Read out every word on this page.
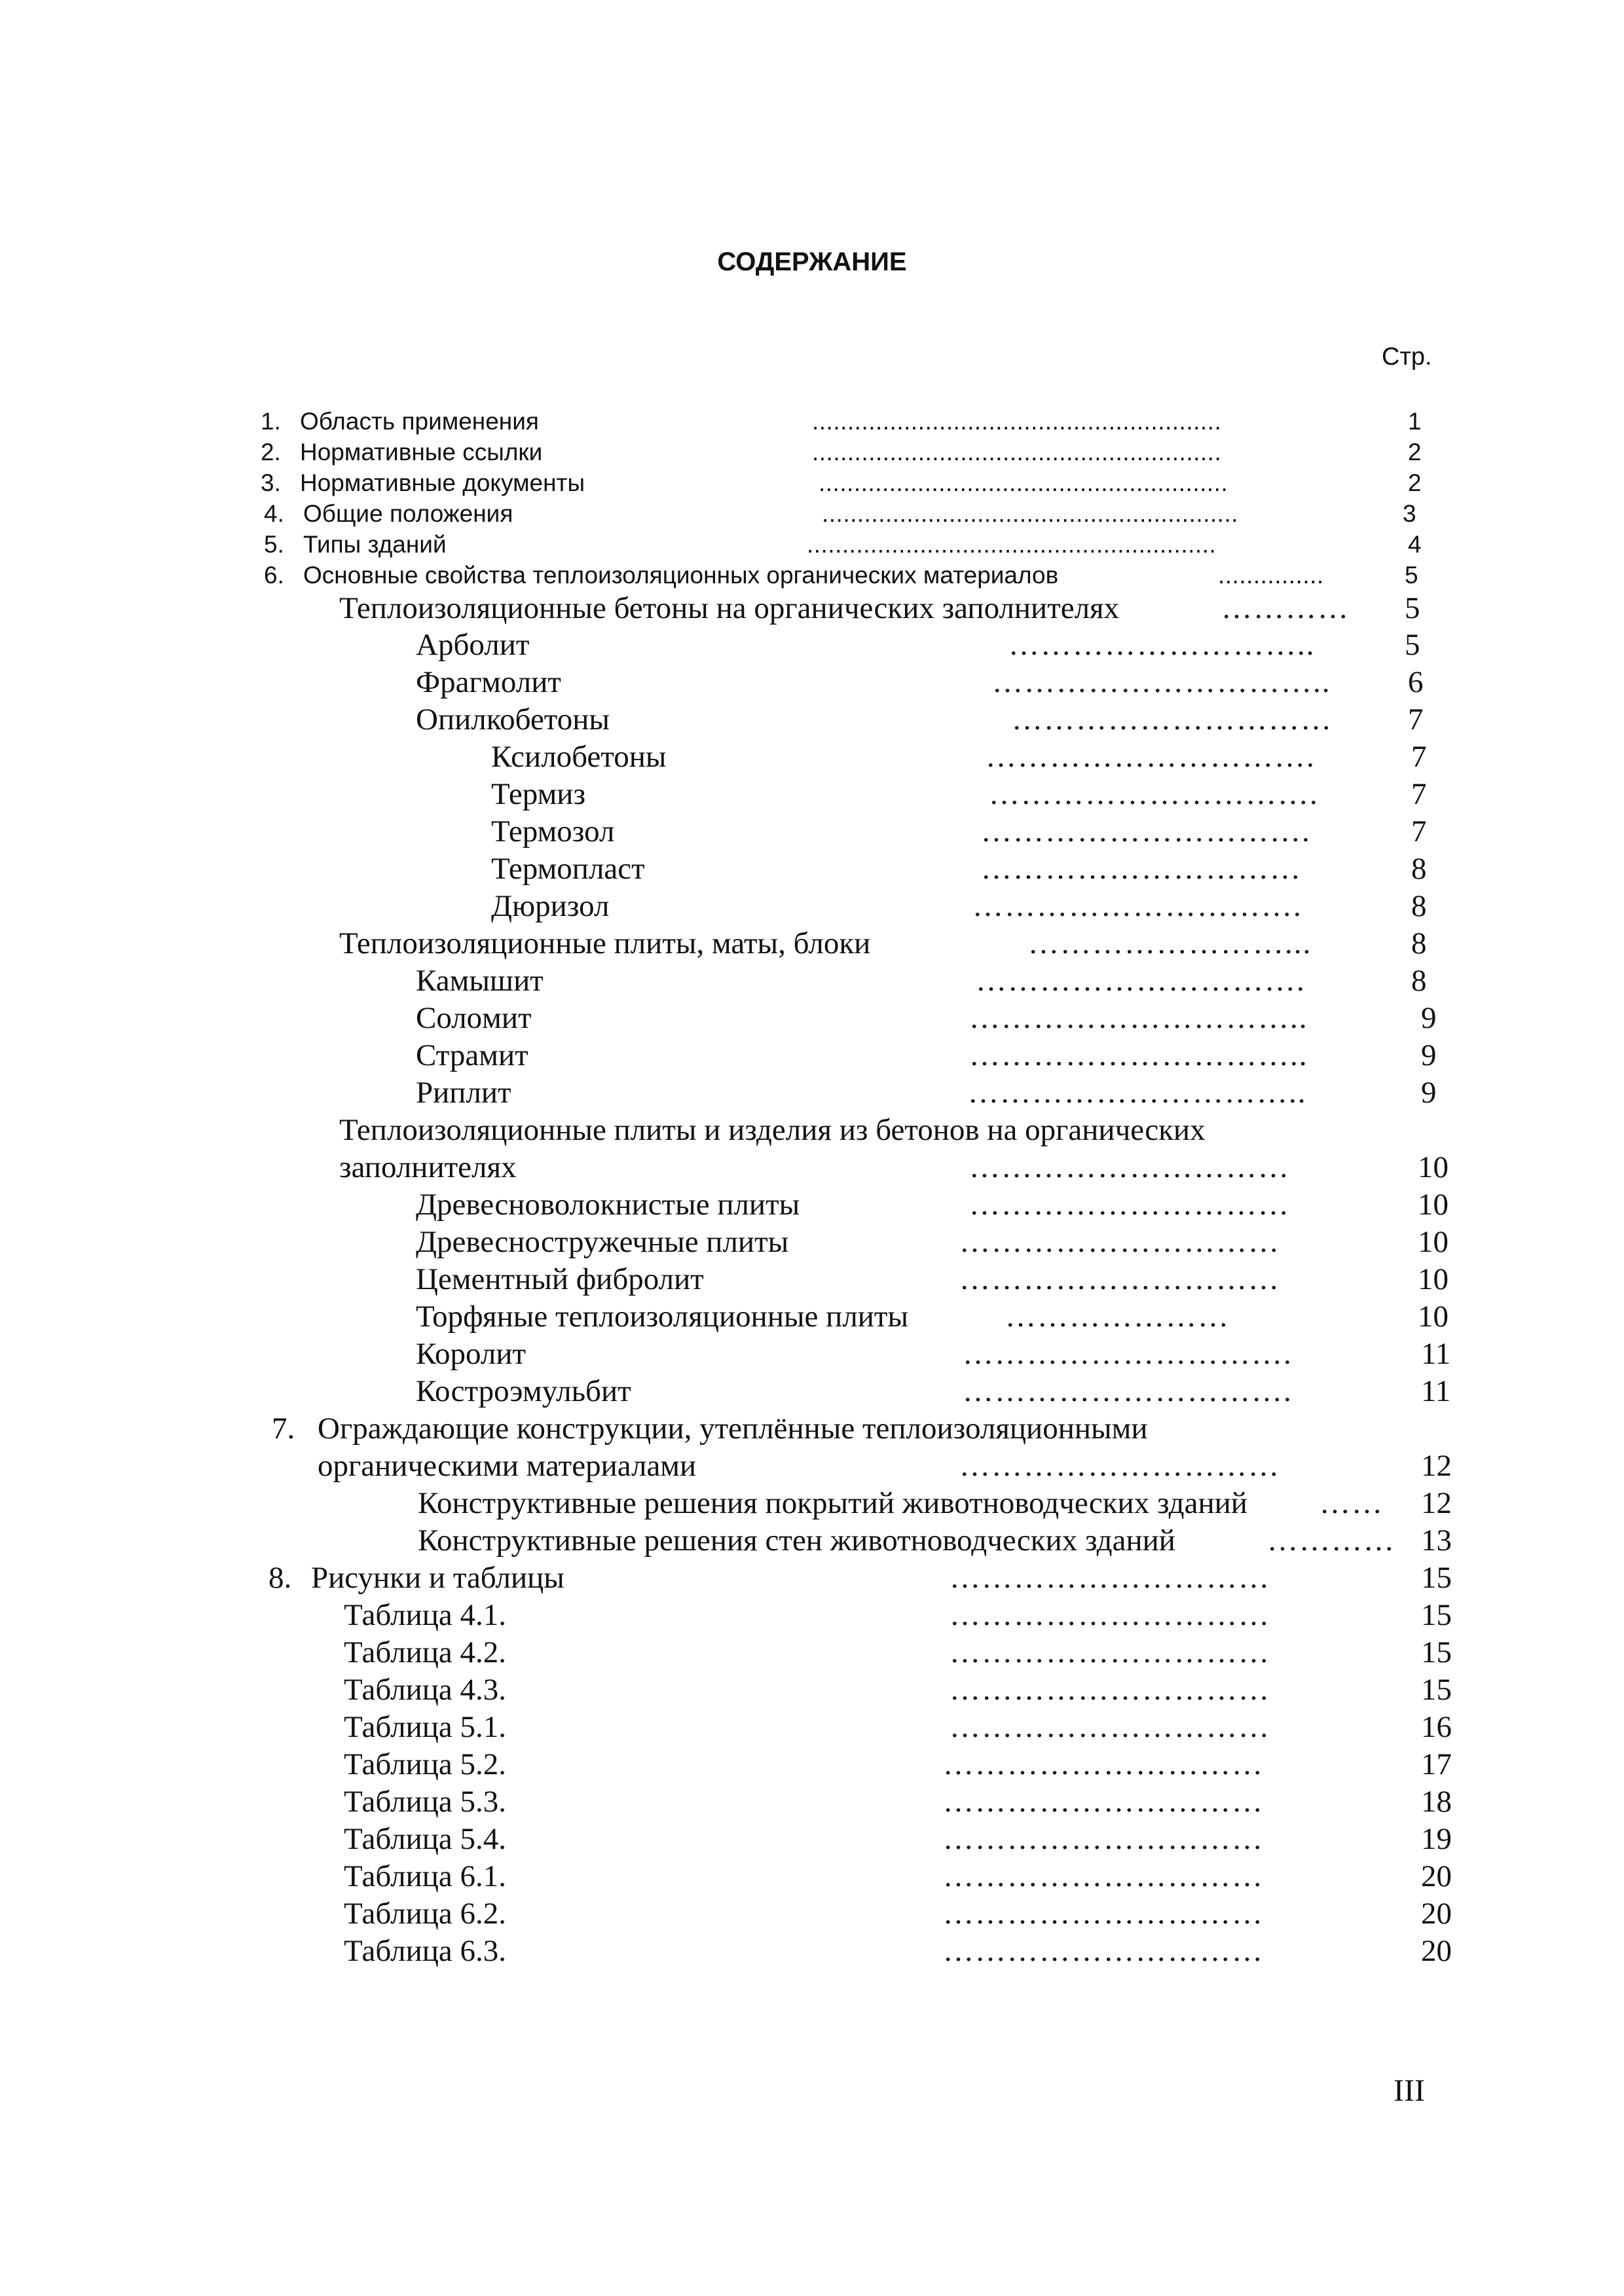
СОДЕРЖАНИЕ
Стр.
1. Область применения	..........................................................	1
2. Нормативные ссылки	..........................................................	2
3. Нормативные документы	..........................................................	2
4. Общие положения	...........................................................	3
5. Типы зданий	..........................................................	4
6. Основные свойства теплоизоляционных органических материалов	...............	5
Теплоизоляционные бетоны на органических заполнителях	………… 5
Арболит	………………………..	5
Фрагмолит	…………………………..	6
Опилкобетоны	………………………… 7
Ксилобетоны	………………………….	7
Термиз	………………………….	7
Термозол	………………………….	7
Термопласт	…………………………	8
Дюризол	………………………….	8
Теплоизоляционные плиты, маты, блоки	……………………...	8
Камышит	………………………….	8
Солoмит	…………………………..	9
Страмит	…………………………..	9
Риплит	…………………………..	9
Теплоизоляционные плиты и изделия из бетонов на органических
заполнителях	…………………………	10
Древесноволокнистые плиты	…………………………	10
Древесностружечные плиты	…………………………	10
Цементный фибролит	…………………………	10
Торфяные теплоизоляционные плиты	…………………	10
Королит	………………………….	11
Костроэмульбит	………………………….	11
7. Ограждающие конструкции, утеплённые теплоизоляционными
органическими материалами	…………………………	12
Конструктивные решения покрытий животноводческих зданий …… 12
Конструктивные решения стен животноводческих зданий	………… 13
8. Рисунки и таблицы	…………………………	15
Таблица 4.1.	…………………………	15
Таблица 4.2.	…………………………	15
Таблица 4.3.	…………………………	15
Таблица 5.1.	…………………………	16
Таблица 5.2.	…………………………	17
Таблица 5.3.	…………………………	18
Таблица 5.4.	…………………………	19
Таблица 6.1.	…………………………	20
Таблица 6.2.	…………………………	20
Таблица 6.3.	…………………………	20
III
